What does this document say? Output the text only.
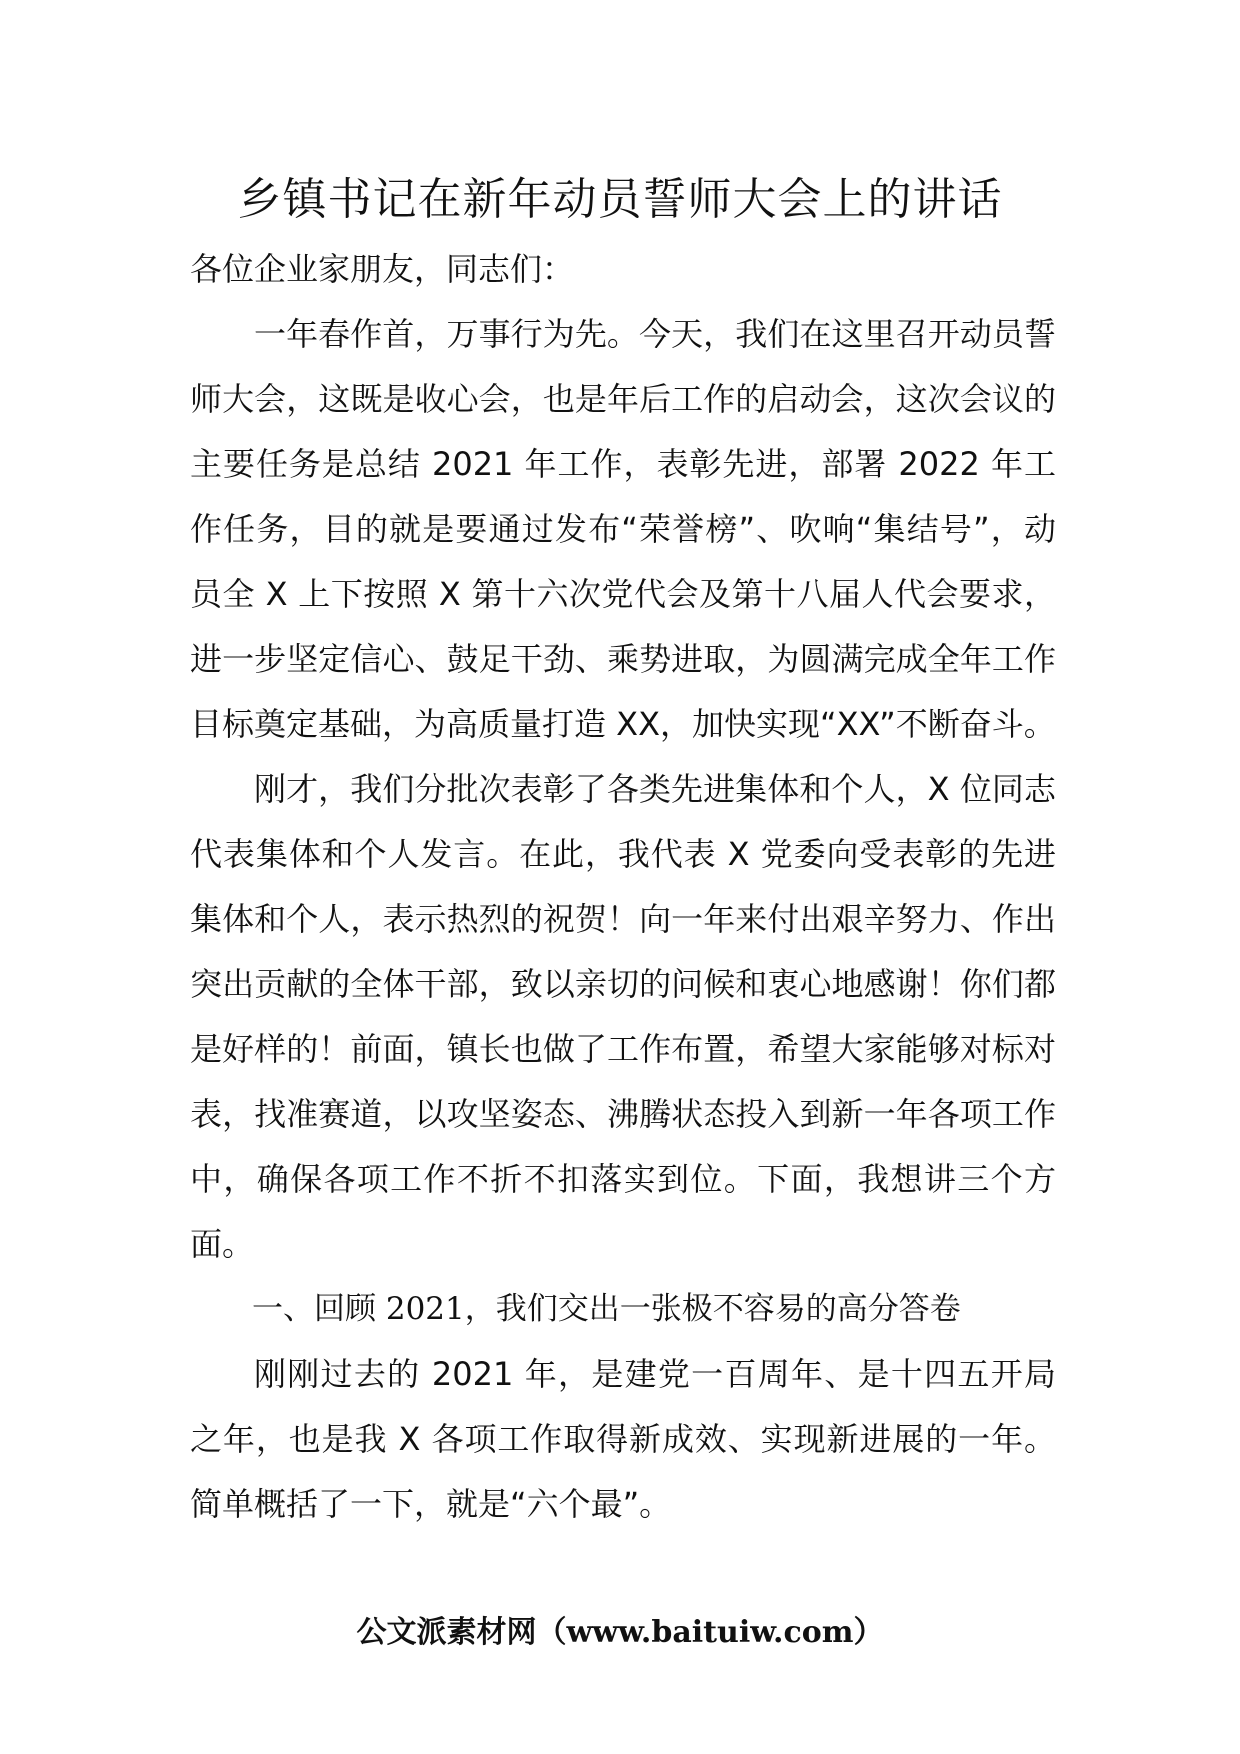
乡镇书记在新年动员誓师大会上的讲话

各位企业家朋友，同志们：

一年春作首，万事行为先。今天，我们在这里召开动员誓师大会，这既是收心会，也是年后工作的启动会，这次会议的主要任务是总结 2021 年工作，表彰先进，部署 2022 年工作任务，目的就是要通过发布“荣誉榜”、吹响“集结号”，动员全 X 上下按照 X 第十六次党代会及第十八届人代会要求，进一步坚定信心、鼓足干劲、乘势进取，为圆满完成全年工作目标奠定基础，为高质量打造 XX，加快实现“XX”不断奋斗。

刚才，我们分批次表彰了各类先进集体和个人，X 位同志代表集体和个人发言。在此，我代表 X 党委向受表彰的先进集体和个人，表示热烈的祝贺！向一年来付出艰辛努力、作出突出贡献的全体干部，致以亲切的问候和衷心地感谢！你们都是好样的！前面，镇长也做了工作布置，希望大家能够对标对表，找准赛道，以攻坚姿态、沸腾状态投入到新一年各项工作中，确保各项工作不折不扣落实到位。下面，我想讲三个方面。

一、回顾 2021，我们交出一张极不容易的高分答卷

刚刚过去的 2021 年，是建党一百周年、是十四五开局之年，也是我 X 各项工作取得新成效、实现新进展的一年。简单概括了一下，就是“六个最”。

公文派素材网（www.baituiw.com）
